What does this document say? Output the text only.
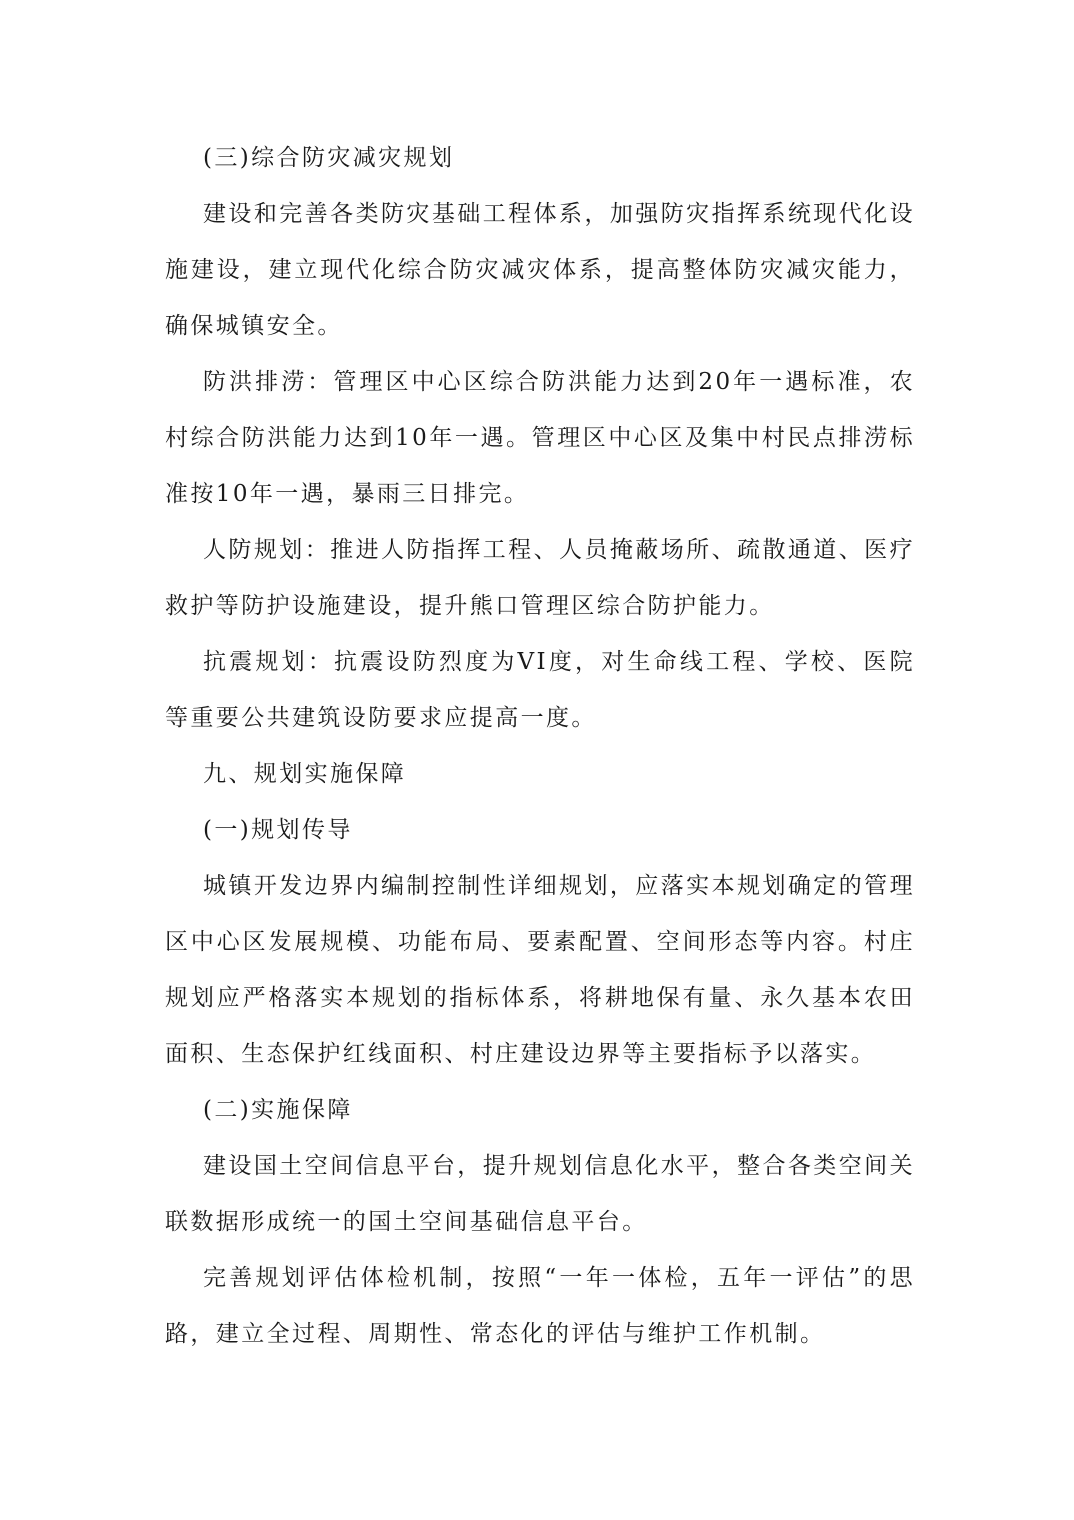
(三)综合防灾减灾规划

建设和完善各类防灾基础工程体系，加强防灾指挥系统现代化设施建设，建立现代化综合防灾减灾体系，提高整体防灾减灾能力，确保城镇安全。

防洪排涝：管理区中心区综合防洪能力达到20年一遇标准，农村综合防洪能力达到10年一遇。管理区中心区及集中村民点排涝标准按10年一遇，暴雨三日排完。

人防规划：推进人防指挥工程、人员掩蔽场所、疏散通道、医疗救护等防护设施建设，提升熊口管理区综合防护能力。

抗震规划：抗震设防烈度为VI度，对生命线工程、学校、医院等重要公共建筑设防要求应提高一度。

九、规划实施保障

(一)规划传导

城镇开发边界内编制控制性详细规划，应落实本规划确定的管理区中心区发展规模、功能布局、要素配置、空间形态等内容。村庄规划应严格落实本规划的指标体系，将耕地保有量、永久基本农田面积、生态保护红线面积、村庄建设边界等主要指标予以落实。

(二)实施保障

建设国土空间信息平台，提升规划信息化水平，整合各类空间关联数据形成统一的国土空间基础信息平台。

完善规划评估体检机制，按照“一年一体检，五年一评估”的思路，建立全过程、周期性、常态化的评估与维护工作机制。
